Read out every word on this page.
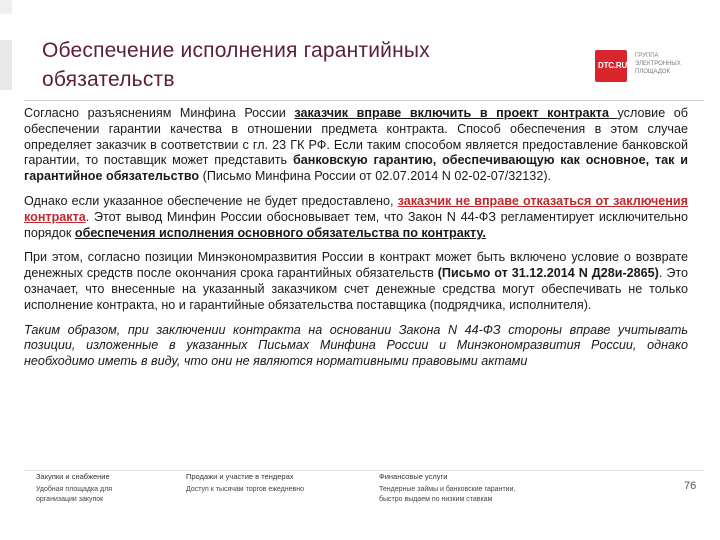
Обеспечение исполнения гарантийных обязательств
DTC.RU
ГРУППА
ЭЛЕКТРОННЫХ
ПЛОЩАДОК

Согласно разъяснениям Минфина России заказчик вправе включить в проект контракта условие об обеспечении гарантии качества в отношении предмета контракта. Способ обеспечения в этом случае определяет заказчик в соответствии с гл. 23 ГК РФ. Если таким способом является предоставление банковской гарантии, то поставщик может представить банковскую гарантию, обеспечивающую как основное, так и гарантийное обязательство (Письмо Минфина России от 02.07.2014 N 02-02-07/32132).

Однако если указанное обеспечение не будет предоставлено, заказчик не вправе отказаться от заключения контракта. Этот вывод Минфин России обосновывает тем, что Закон N 44-ФЗ регламентирует исключительно порядок обеспечения исполнения основного обязательства по контракту.

При этом, согласно позиции Минэкономразвития России в контракт может быть включено условие о возврате денежных средств после окончания срока гарантийных обязательств (Письмо от 31.12.2014 N Д28и-2865). Это означает, что внесенные на указанный заказчиком счет денежные средства могут обеспечивать не только исполнение контракта, но и гарантийные обязательства поставщика (подрядчика, исполнителя).

Таким образом, при заключении контракта на основании Закона N 44-ФЗ стороны вправе учитывать позиции, изложенные в указанных Письмах Минфина России и Минэкономразвития России, однако необходимо иметь в виду, что они не являются нормативными правовыми актами

Закупки и снабжение
Удобная площадка для
организации закупок
Продажи и участие в тендерах
Доступ к тысячам торгов ежедневно
Финансовые услуги
Тендерные займы и банковские гарантии,
быстро выдаем по низким ставкам
76
